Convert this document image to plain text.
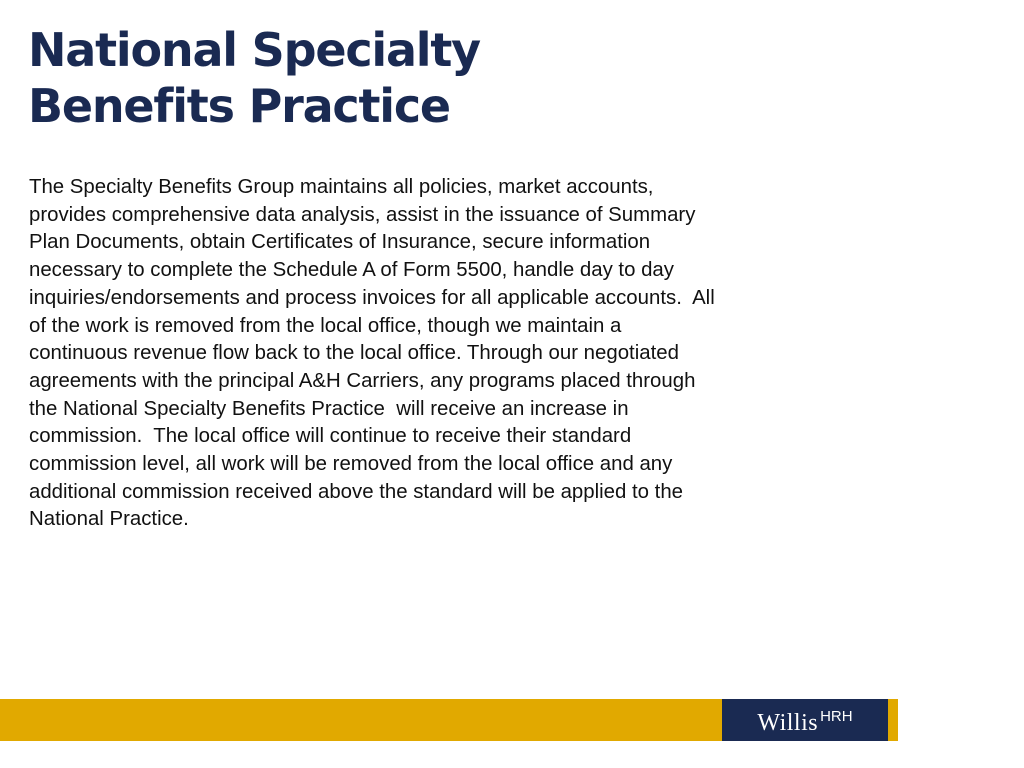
National Specialty
Benefits Practice
The Specialty Benefits Group maintains all policies, market accounts,
provides comprehensive data analysis, assist in the issuance of Summary
Plan Documents, obtain Certificates of Insurance, secure information
necessary to complete the Schedule A of Form 5500, handle day to day
inquiries/endorsements and process invoices for all applicable accounts.  All
of the work is removed from the local office, though we maintain a
continuous revenue flow back to the local office. Through our negotiated
agreements with the principal A&H Carriers, any programs placed through
the National Specialty Benefits Practice  will receive an increase in
commission.  The local office will continue to receive their standard
commission level, all work will be removed from the local office and any
additional commission received above the standard will be applied to the
National Practice.
Willis HRH
